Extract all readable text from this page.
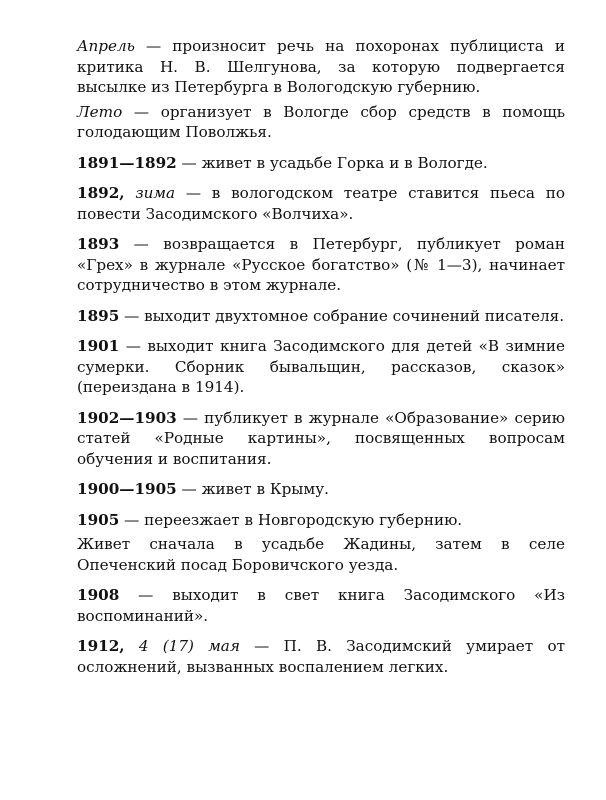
Апрель — произносит речь на похоронах публициста и критика Н. В. Шелгунова, за которую подвергается высылке из Петербурга в Вологодскую губернию.

Лето — организует в Вологде сбор средств в помощь голодающим Поволжья.

1891—1892 — живет в усадьбе Горка и в Вологде.

1892, зима — в вологодском театре ставится пьеса по повести Засодимского «Волчиха».

1893 — возвращается в Петербург, публикует роман «Грех» в журнале «Русское богатство» (№ 1—3), начинает сотрудничество в этом журнале.

1895 — выходит двухтомное собрание сочинений писателя.

1901 — выходит книга Засодимского для детей «В зимние сумерки. Сборник бывальщин, рассказов, сказок» (переиздана в 1914).

1902—1903 — публикует в журнале «Образование» серию статей «Родные картины», посвященных вопросам обучения и воспитания.

1900—1905 — живет в Крыму.

1905 — переезжает в Новгородскую губернию.

Живет сначала в усадьбе Жадины, затем в селе Опеченский посад Боровичского уезда.

1908 — выходит в свет книга Засодимского «Из воспоминаний».

1912, 4 (17) мая — П. В. Засодимский умирает от осложнений, вызванных воспалением легких.
